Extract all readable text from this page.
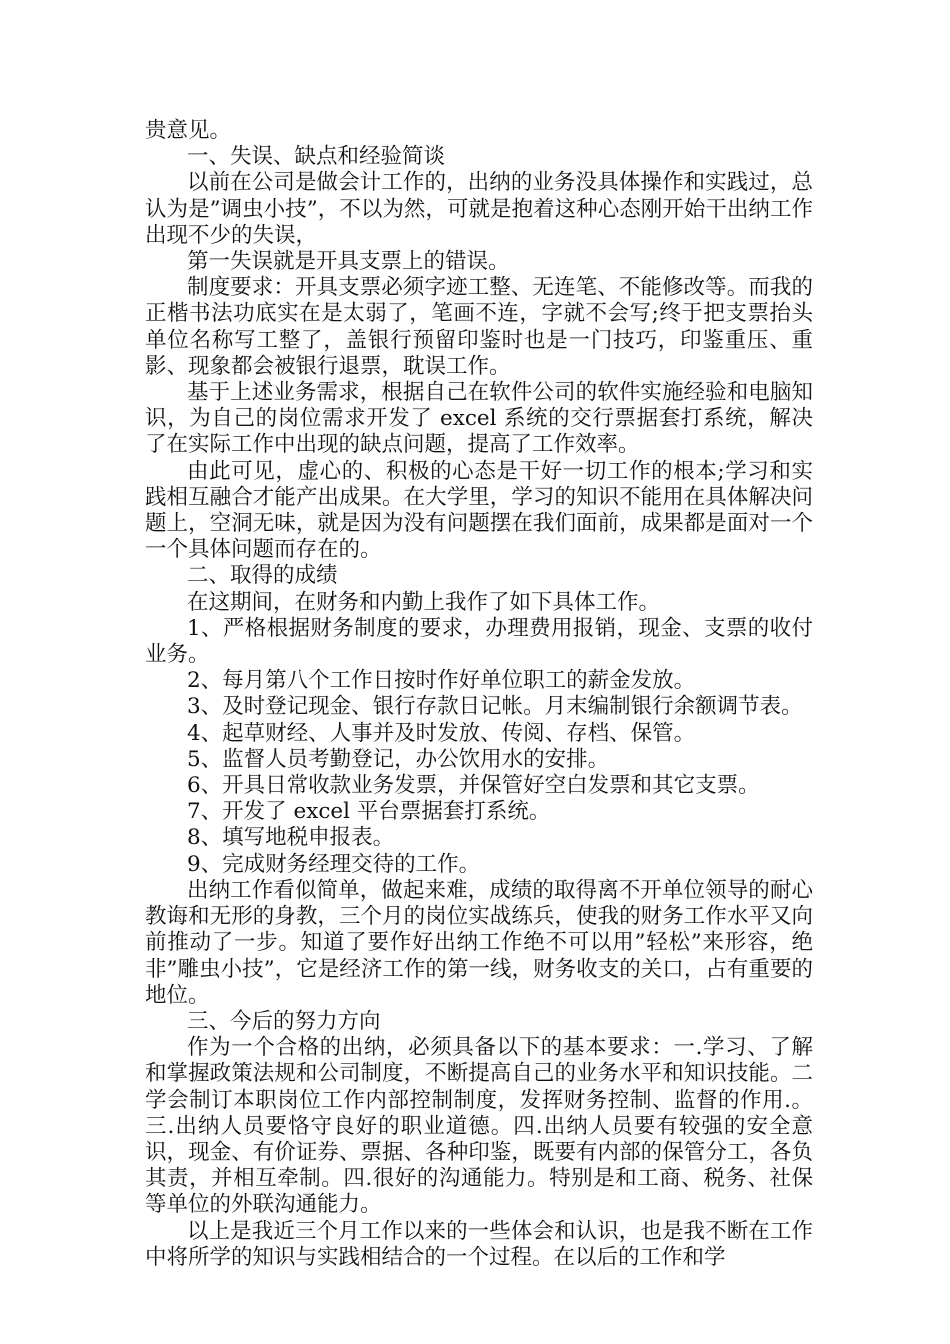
贵意见。

一、失误、缺点和经验简谈

以前在公司是做会计工作的，出纳的业务没具体操作和实践过，总认为是”调虫小技”，不以为然，可就是抱着这种心态刚开始干出纳工作出现不少的失误，

第一失误就是开具支票上的错误。

制度要求：开具支票必须字迹工整、无连笔、不能修改等。而我的正楷书法功底实在是太弱了，笔画不连，字就不会写;终于把支票抬头单位名称写工整了，盖银行预留印鉴时也是一门技巧，印鉴重压、重影、现象都会被银行退票，耽误工作。

基于上述业务需求，根据自己在软件公司的软件实施经验和电脑知识，为自己的岗位需求开发了 excel 系统的交行票据套打系统，解决了在实际工作中出现的缺点问题，提高了工作效率。

由此可见，虚心的、积极的心态是干好一切工作的根本;学习和实践相互融合才能产出成果。在大学里，学习的知识不能用在具体解决问题上，空洞无味，就是因为没有问题摆在我们面前，成果都是面对一个一个具体问题而存在的。

二、取得的成绩

在这期间，在财务和内勤上我作了如下具体工作。

1、严格根据财务制度的要求，办理费用报销，现金、支票的收付业务。

2、每月第八个工作日按时作好单位职工的薪金发放。

3、及时登记现金、银行存款日记帐。月末编制银行余额调节表。

4、起草财经、人事并及时发放、传阅、存档、保管。

5、监督人员考勤登记，办公饮用水的安排。

6、开具日常收款业务发票，并保管好空白发票和其它支票。

7、开发了 excel 平台票据套打系统。

8、填写地税申报表。

9、完成财务经理交待的工作。

出纳工作看似简单，做起来难，成绩的取得离不开单位领导的耐心教诲和无形的身教，三个月的岗位实战练兵，使我的财务工作水平又向前推动了一步。知道了要作好出纳工作绝不可以用”轻松”来形容，绝非”雕虫小技”，它是经济工作的第一线，财务收支的关口，占有重要的地位。

三、今后的努力方向

作为一个合格的出纳，必须具备以下的基本要求：一.学习、了解和掌握政策法规和公司制度，不断提高自己的业务水平和知识技能。二学会制订本职岗位工作内部控制制度，发挥财务控制、监督的作用.。三.出纳人员要恪守良好的职业道德。四.出纳人员要有较强的安全意识，现金、有价证券、票据、各种印鉴，既要有内部的保管分工，各负其责，并相互牵制。四.很好的沟通能力。特别是和工商、税务、社保等单位的外联沟通能力。

以上是我近三个月工作以来的一些体会和认识，也是我不断在工作中将所学的知识与实践相结合的一个过程。在以后的工作和学
